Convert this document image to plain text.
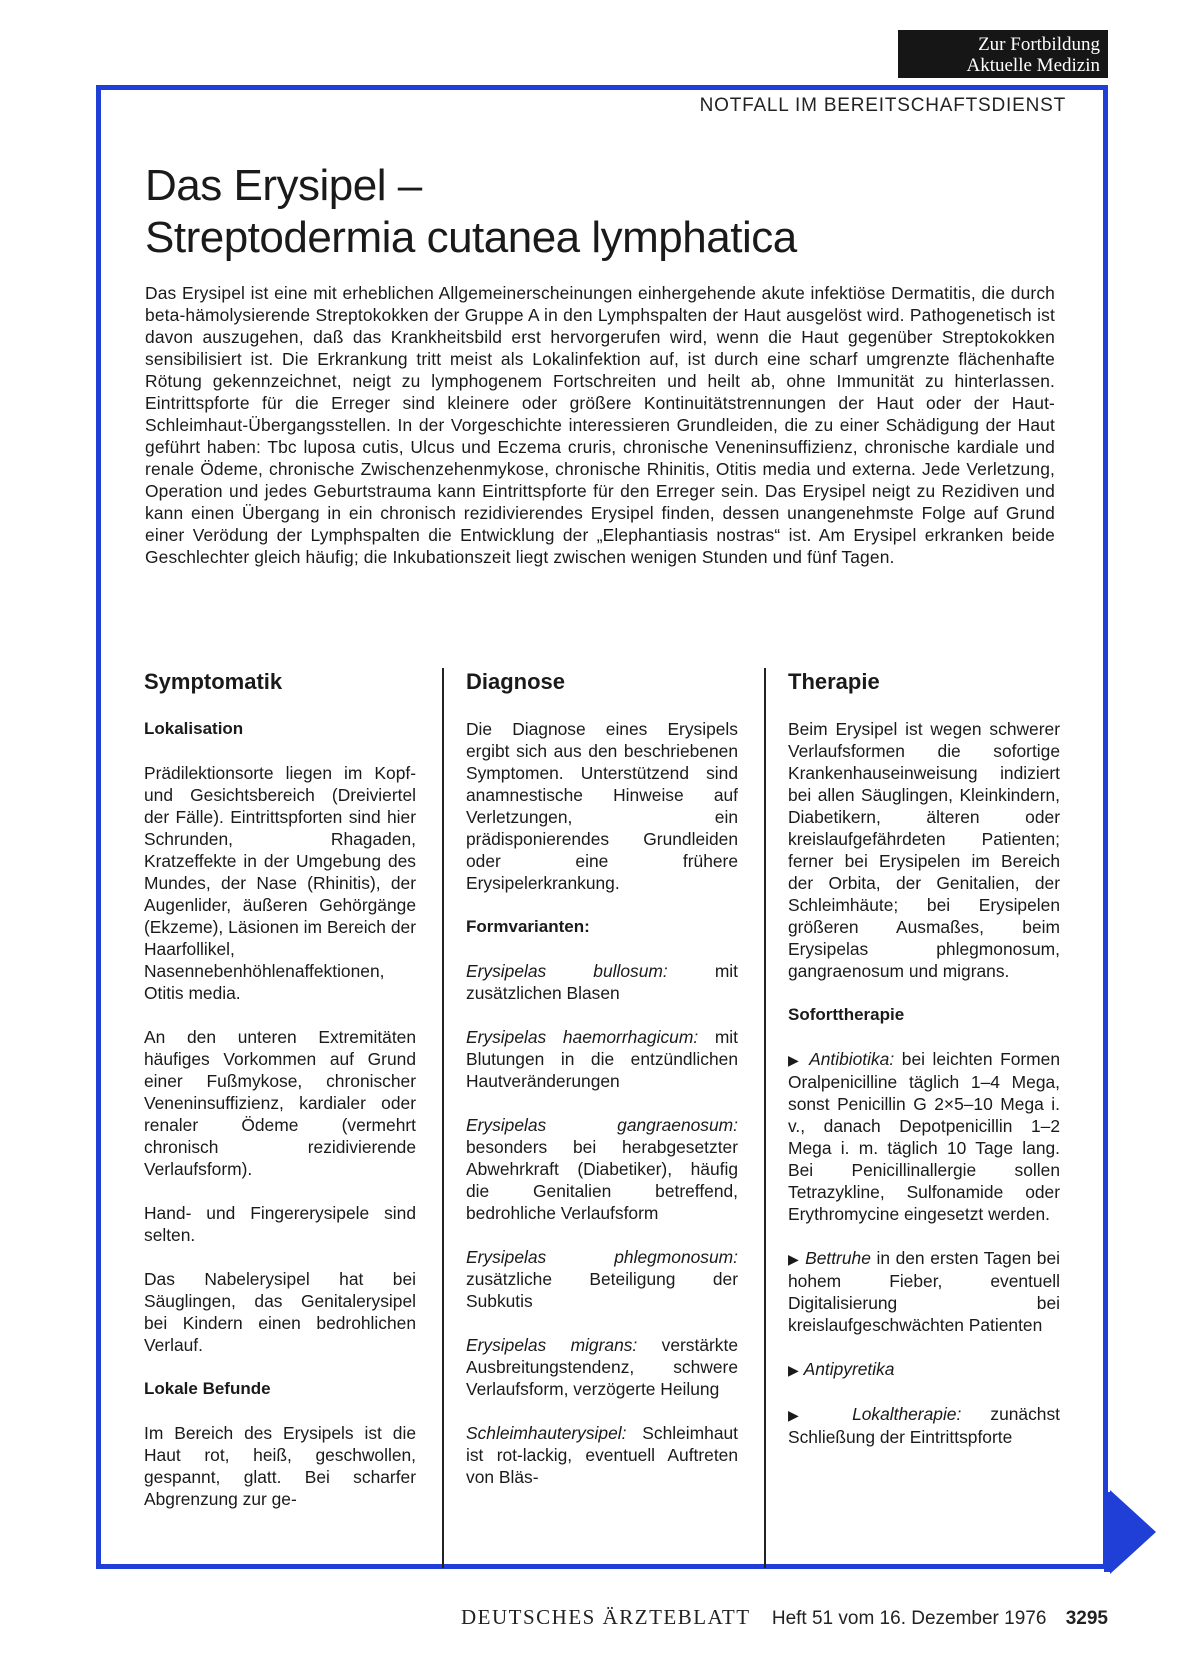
Zur Fortbildung
Aktuelle Medizin
NOTFALL IM BEREITSCHAFTSDIENST
Das Erysipel –
Streptodermia cutanea lymphatica

Das Erysipel ist eine mit erheblichen Allgemeinerscheinungen einhergehende akute infektiöse Dermatitis, die durch beta-hämolysierende Streptokokken der Gruppe A in den Lymphspalten der Haut ausgelöst wird. Pathogenetisch ist davon auszugehen, daß das Krankheitsbild erst hervorgerufen wird, wenn die Haut gegenüber Streptokokken sensibilisiert ist. Die Erkrankung tritt meist als Lokalinfektion auf, ist durch eine scharf umgrenzte flächenhafte Rötung gekennzeichnet, neigt zu lymphogenem Fortschreiten und heilt ab, ohne Immunität zu hinterlassen. Eintrittspforte für die Erreger sind kleinere oder größere Kontinuitätstrennungen der Haut oder der Haut-Schleimhaut-Übergangsstellen. In der Vorgeschichte interessieren Grundleiden, die zu einer Schädigung der Haut geführt haben: Tbc luposa cutis, Ulcus und Eczema cruris, chronische Veneninsuffizienz, chronische kardiale und renale Ödeme, chronische Zwischenzehenmykose, chronische Rhinitis, Otitis media und externa. Jede Verletzung, Operation und jedes Geburtstrauma kann Eintrittspforte für den Erreger sein. Das Erysipel neigt zu Rezidiven und kann einen Übergang in ein chronisch rezidivierendes Erysipel finden, dessen unangenehmste Folge auf Grund einer Verödung der Lymphspalten die Entwicklung der „Elephantiasis nostras“ ist. Am Erysipel erkranken beide Geschlechter gleich häufig; die Inkubationszeit liegt zwischen wenigen Stunden und fünf Tagen.

Symptomatik
Lokalisation

Prädilektionsorte liegen im Kopf- und Gesichtsbereich (Dreiviertel der Fälle). Eintrittspforten sind hier Schrunden, Rhagaden, Kratzeffekte in der Umgebung des Mundes, der Nase (Rhinitis), der Augenlider, äußeren Gehörgänge (Ekzeme), Läsionen im Bereich der Haarfollikel, Nasennebenhöhlenaffektionen, Otitis media.

An den unteren Extremitäten häufiges Vorkommen auf Grund einer Fußmykose, chronischer Veneninsuffizienz, kardialer oder renaler Ödeme (vermehrt chronisch rezidivierende Verlaufsform).

Hand- und Fingererysipele sind selten.

Das Nabelerysipel hat bei Säuglingen, das Genitalerysipel bei Kindern einen bedrohlichen Verlauf.

Lokale Befunde

Im Bereich des Erysipels ist die Haut rot, heiß, geschwollen, gespannt, glatt. Bei scharfer Abgrenzung zur ge-

Diagnose

Die Diagnose eines Erysipels ergibt sich aus den beschriebenen Symptomen. Unterstützend sind anamnestische Hinweise auf Verletzungen, ein prädisponierendes Grundleiden oder eine frühere Erysipelerkrankung.

Formvarianten:

Erysipelas bullosum: mit zusätzlichen Blasen

Erysipelas haemorrhagicum: mit Blutungen in die entzündlichen Hautveränderungen

Erysipelas gangraenosum: besonders bei herabgesetzter Abwehrkraft (Diabetiker), häufig die Genitalien betreffend, bedrohliche Verlaufsform

Erysipelas phlegmonosum: zusätzliche Beteiligung der Subkutis

Erysipelas migrans: verstärkte Ausbreitungstendenz, schwere Verlaufsform, verzögerte Heilung

Schleimhauterysipel: Schleimhaut ist rot-lackig, eventuell Auftreten von Bläs-

Therapie

Beim Erysipel ist wegen schwerer Verlaufsformen die sofortige Krankenhauseinweisung indiziert bei allen Säuglingen, Kleinkindern, Diabetikern, älteren oder kreislaufgefährdeten Patienten; ferner bei Erysipelen im Bereich der Orbita, der Genitalien, der Schleimhäute; bei Erysipelen größeren Ausmaßes, beim Erysipelas phlegmonosum, gangraenosum und migrans.

Soforttherapie

▶ Antibiotika: bei leichten Formen Oralpenicilline täglich 1–4 Mega, sonst Penicillin G 2×5–10 Mega i. v., danach Depotpenicillin 1–2 Mega i. m. täglich 10 Tage lang. Bei Penicillinallergie sollen Tetrazykline, Sulfonamide oder Erythromycine eingesetzt werden.

▶ Bettruhe in den ersten Tagen bei hohem Fieber, eventuell Digitalisierung bei kreislaufgeschwächten Patienten

▶ Antipyretika

▶ Lokaltherapie: zunächst Schließung der Eintrittspforte

DEUTSCHES ÄRZTEBLATT Heft 51 vom 16. Dezember 1976 3295
